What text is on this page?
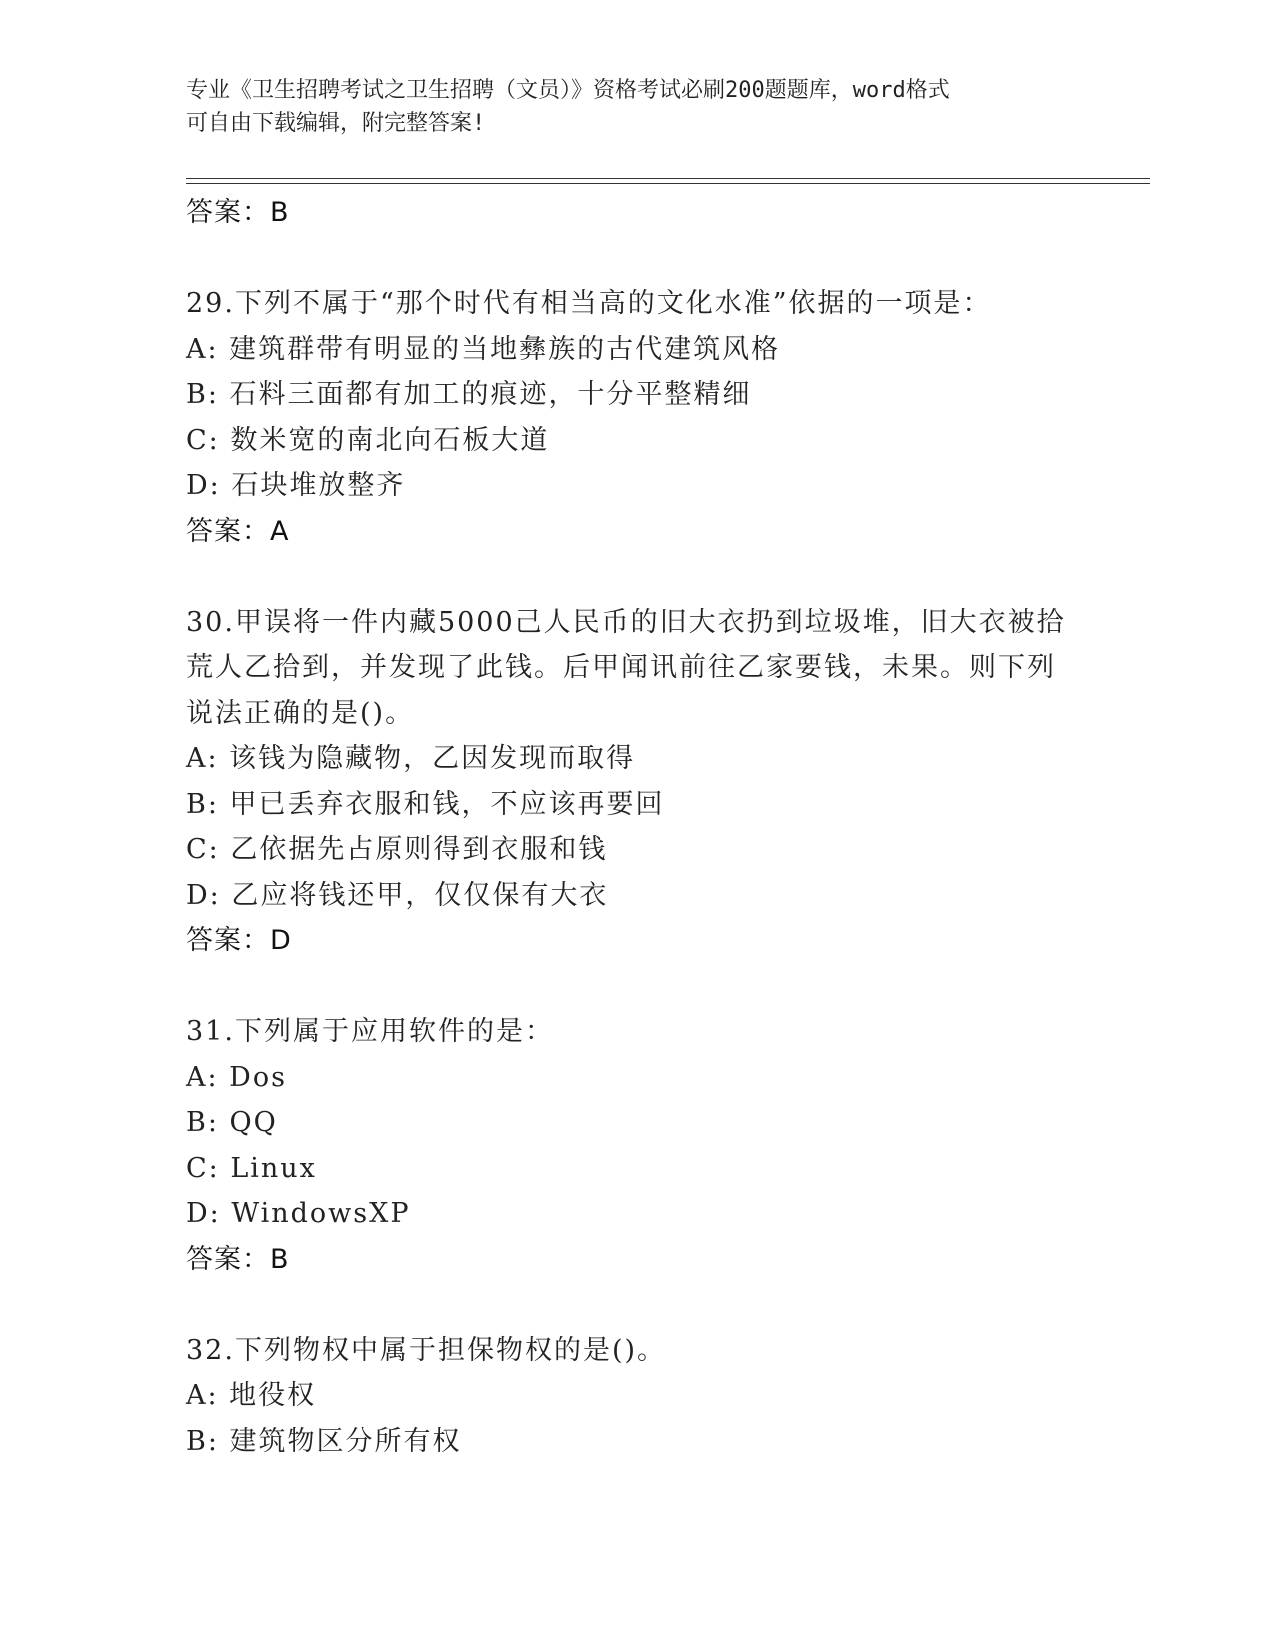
专业《卫生招聘考试之卫生招聘（文员）》资格考试必刷200题题库，word格式
可自由下载编辑，附完整答案!
答案：B
29.下列不属于“那个时代有相当高的文化水准”依据的一项是：
A: 建筑群带有明显的当地彝族的古代建筑风格
B: 石料三面都有加工的痕迹，十分平整精细
C: 数米宽的南北向石板大道
D: 石块堆放整齐
答案：A
30.甲误将一件内藏5000己人民币的旧大衣扔到垃圾堆，旧大衣被拾
荒人乙拾到，并发现了此钱。后甲闻讯前往乙家要钱，未果。则下列
说法正确的是()。
A: 该钱为隐藏物，乙因发现而取得
B: 甲已丢弃衣服和钱，不应该再要回
C: 乙依据先占原则得到衣服和钱
D: 乙应将钱还甲，仅仅保有大衣
答案：D
31.下列属于应用软件的是：
A: Dos
B: QQ
C: Linux
D: WindowsXP
答案：B
32.下列物权中属于担保物权的是()。
A: 地役权
B: 建筑物区分所有权
